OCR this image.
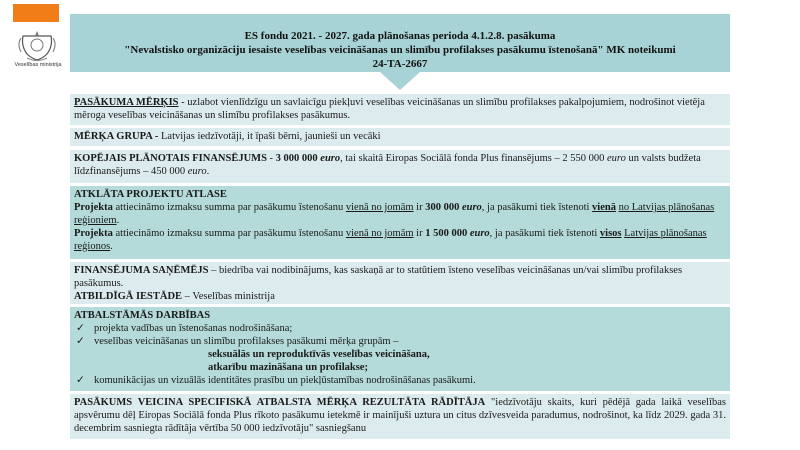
Veselības ministrija
ES fondu 2021. - 2027. gada plānošanas perioda 4.1.2.8. pasākuma
"Nevalstisko organizāciju iesaiste veselības veicināšanas un slimību profilakses pasākumu īstenošanā" MK noteikumi
24-TA-2667
PASĀKUMA MĒRĶIS - uzlabot vienlīdzīgu un savlaicīgu piekļuvi veselības veicināšanas un slimību profilakses pakalpojumiem, nodrošinot vietēja mēroga veselības veicināšanas un slimību profilakses pasākumus.
MĒRĶA GRUPA - Latvijas iedzīvotāji, it īpaši bērni, jaunieši un vecāki
KOPĒJAIS PLĀNOTAIS FINANSĒJUMS - 3 000 000 euro, tai skaitā Eiropas Sociālā fonda Plus finansējums – 2 550 000 euro un valsts budžeta līdzfinansējums – 450 000 euro.
ATKLĀTA PROJEKTU ATLASE
Projekta attiecināmo izmaksu summa par pasākumu īstenošanu vienā no jomām ir 300 000 euro, ja pasākumi tiek īstenoti vienā no Latvijas plānošanas reģioniem.
Projekta attiecināmo izmaksu summa par pasākumu īstenošanu vienā no jomām ir 1 500 000 euro, ja pasākumi tiek īstenoti visos Latvijas plānošanas reģionos.
FINANSĒJUMA SAŅĒMĒJS – biedrība vai nodibinājums, kas saskaņā ar to statūtiem īsteno veselības veicināšanas un/vai slimību profilakses pasākumus.
ATBILDĪGĀ IESTĀDE – Veselības ministrija
ATBALSTĀMĀS DARBĪBAS
✓ projekta vadības un īstenošanas nodrošināšana;
✓ veselības veicināšanas un slimību profilakses pasākumi mērķa grupām –
seksuālās un reproduktīvās veselības veicināšana,
atkarību mazināšana un profilakse;
✓ komunikācijas un vizuālās identitātes prasību un piekļūstamības nodrošināšanas pasākumi.
PASĀKUMS VEICINA SPECIFISKĀ ATBALSTA MĒRĶA REZULTĀTA RĀDĪTĀJA "iedzīvotāju skaits, kuri pēdējā gada laikā veselības apsvērumu dēļ Eiropas Sociālā fonda Plus rīkoto pasākumu ietekmē ir mainījuši uztura un citus dzīvesveida paradumus, nodrošinot, ka līdz 2029. gada 31. decembrim sasniegta rādītāja vērtība 50 000 iedzīvotāju" sasniegšanu
